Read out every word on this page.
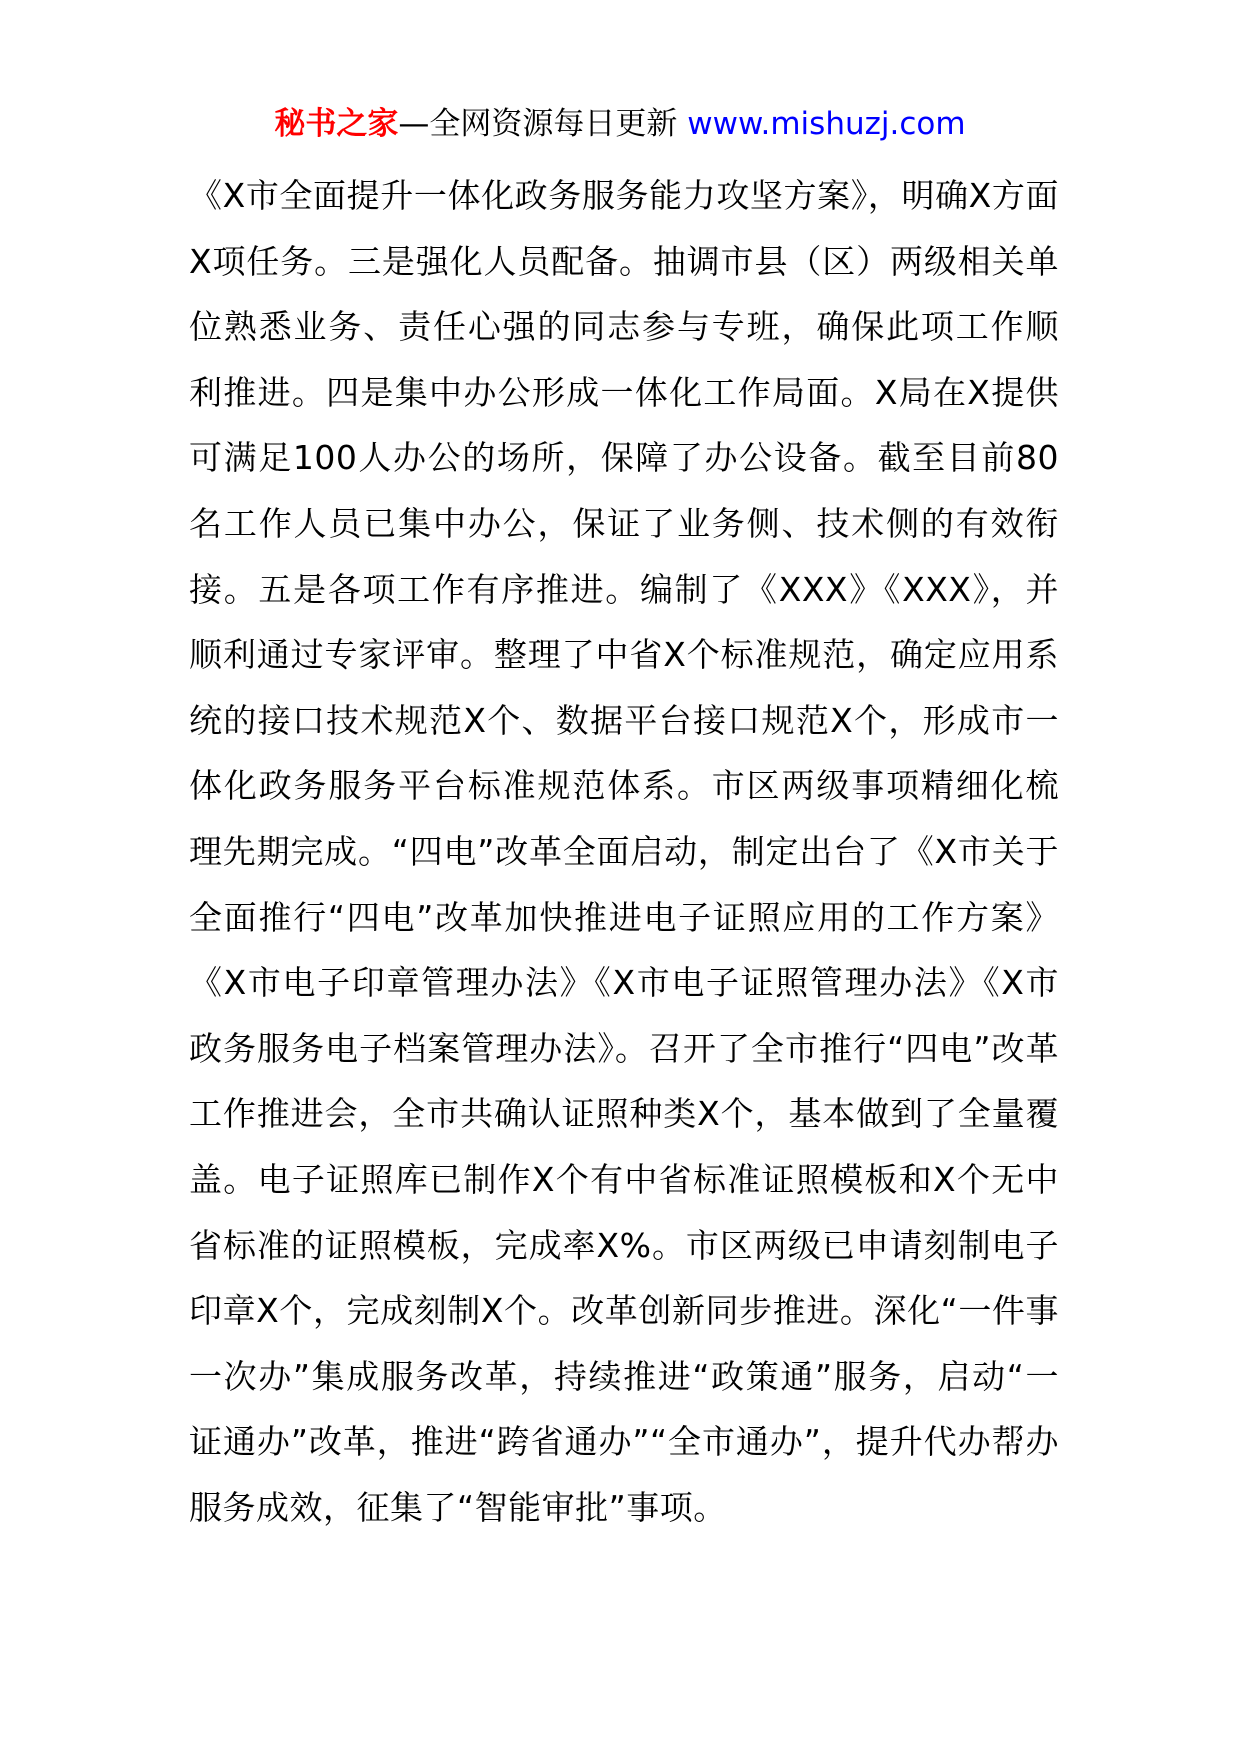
秘书之家—全网资源每日更新 www.mishuzj.com

《X市全面提升一体化政务服务能力攻坚方案》，明确X方面X项任务。三是强化人员配备。抽调市县（区）两级相关单位熟悉业务、责任心强的同志参与专班，确保此项工作顺利推进。四是集中办公形成一体化工作局面。X局在X提供可满足100人办公的场所，保障了办公设备。截至目前80名工作人员已集中办公，保证了业务侧、技术侧的有效衔接。五是各项工作有序推进。编制了《XXX》《XXX》，并顺利通过专家评审。整理了中省X个标准规范，确定应用系统的接口技术规范X个、数据平台接口规范X个，形成市一体化政务服务平台标准规范体系。市区两级事项精细化梳理先期完成。“四电”改革全面启动，制定出台了《X市关于全面推行“四电”改革加快推进电子证照应用的工作方案》《X市电子印章管理办法》《X市电子证照管理办法》《X市政务服务电子档案管理办法》。召开了全市推行“四电”改革工作推进会，全市共确认证照种类X个，基本做到了全量覆盖。电子证照库已制作X个有中省标准证照模板和X个无中省标准的证照模板，完成率X%。市区两级已申请刻制电子印章X个，完成刻制X个。改革创新同步推进。深化“一件事一次办”集成服务改革，持续推进“政策通”服务，启动“一证通办”改革，推进“跨省通办”“全市通办”，提升代办帮办服务成效，征集了“智能审批”事项。
